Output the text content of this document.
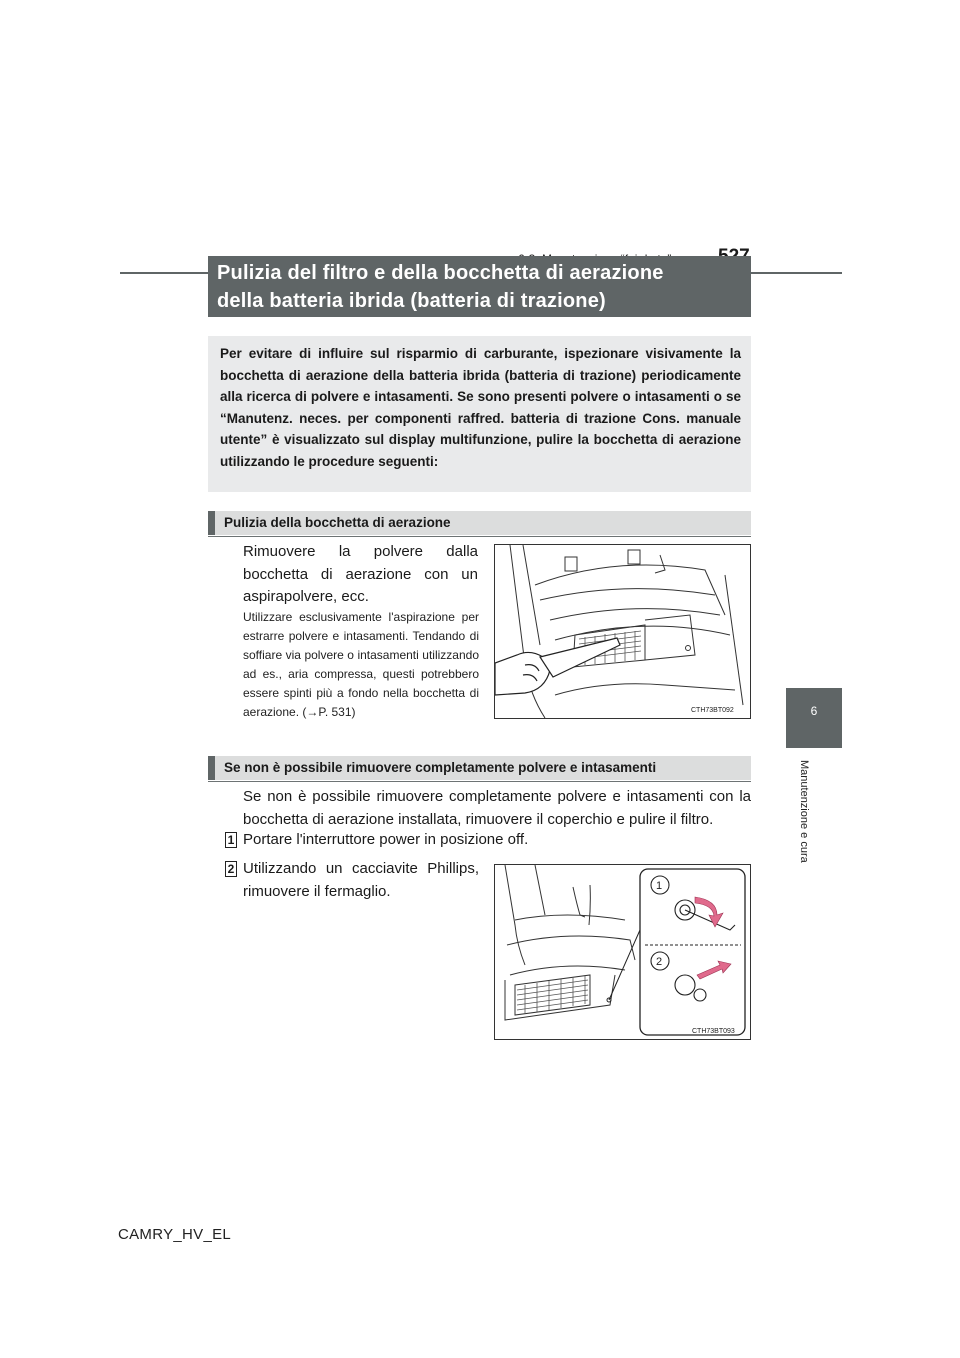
6
Manutenzione e cura
Pulizia del filtro e della bocchetta di aerazione
della batteria ibrida (batteria di trazione)
Per evitare di influire sul risparmio di carburante, ispezionare visivamente la bocchetta di aerazione della batteria ibrida (batteria di trazione) periodicamente alla ricerca di polvere e intasamenti. Se sono presenti polvere o intasamenti o se “Manutenz. neces. per componenti raffred. batteria di trazione Cons. manuale utente” è visualizzato sul display multifunzione, pulire la bocchetta di aerazione utilizzando le procedure seguenti:
Pulizia della bocchetta di aerazione
Rimuovere la polvere dalla bocchetta di aerazione con un aspirapolvere, ecc.
Utilizzare esclusivamente l'aspirazione per estrarre polvere e intasamenti. Tendando di soffiare via polvere o intasamenti utilizzando ad es., aria compressa, questi potrebbero essere spinti più a fondo nella bocchetta di aerazione. (→P. 531)	CTH73BT092
Se non è possibile rimuovere completamente polvere e intasamenti
Se non è possibile rimuovere completamente polvere e intasamenti con la bocchetta di aerazione installata, rimuovere il coperchio e pulire il filtro.
1 Portare l'interruttore power in posizione off.
2 Utilizzando un cacciavite Phillips, rimuovere il fermaglio.	1
2
CTH73BT093
CAMRY_HV_EL
